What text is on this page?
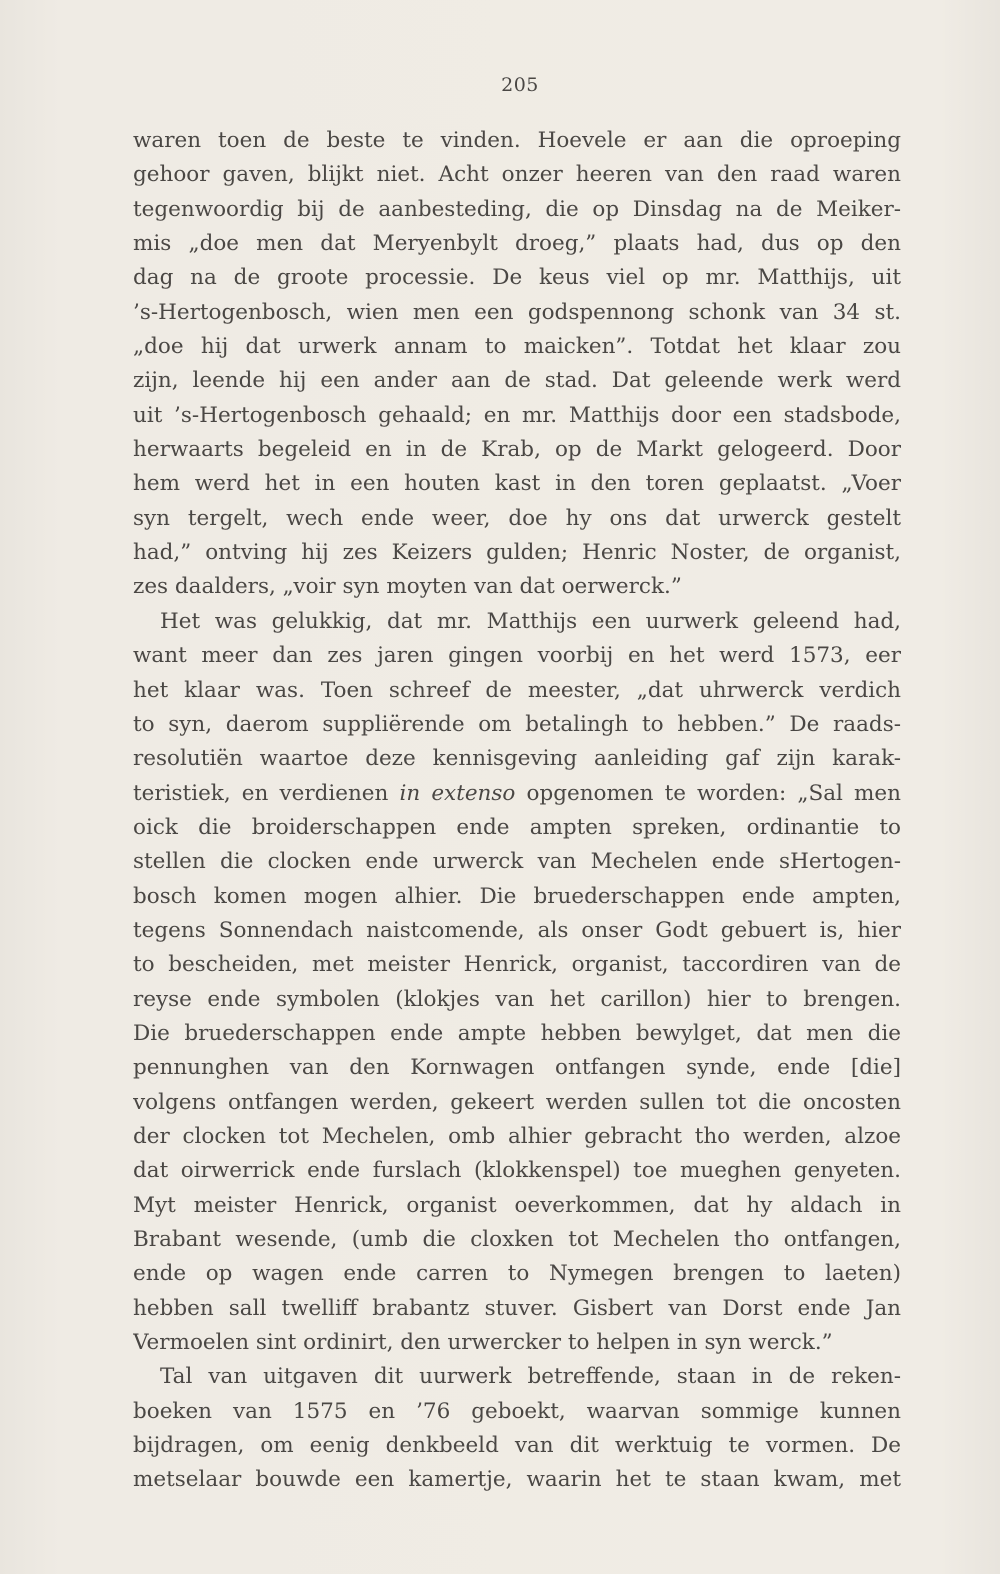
205
waren toen de beste te vinden. Hoevele er aan die oproeping
gehoor gaven, blijkt niet. Acht onzer heeren van den raad waren
tegenwoordig bij de aanbesteding, die op Dinsdag na de Meiker-
mis „doe men dat Meryenbylt droeg,” plaats had, dus op den
dag na de groote processie. De keus viel op mr. Matthijs, uit
’s-Hertogenbosch, wien men een godspennong schonk van 34 st.
„doe hij dat urwerk annam to maicken”. Totdat het klaar zou
zijn, leende hij een ander aan de stad. Dat geleende werk werd
uit ’s-Hertogenbosch gehaald; en mr. Matthijs door een stadsbode,
herwaarts begeleid en in de Krab, op de Markt gelogeerd. Door
hem werd het in een houten kast in den toren geplaatst. „Voer
syn tergelt, wech ende weer, doe hy ons dat urwerck gestelt
had,” ontving hij zes Keizers gulden; Henric Noster, de organist,
zes daalders, „voir syn moyten van dat oerwerck.”
Het was gelukkig, dat mr. Matthijs een uurwerk geleend had,
want meer dan zes jaren gingen voorbij en het werd 1573, eer
het klaar was. Toen schreef de meester, „dat uhrwerck verdich
to syn, daerom suppliërende om betalingh to hebben.” De raads-
resolutiën waartoe deze kennisgeving aanleiding gaf zijn karak-
teristiek, en verdienen in extenso opgenomen te worden: „Sal men
oick die broiderschappen ende ampten spreken, ordinantie to
stellen die clocken ende urwerck van Mechelen ende sHertogen-
bosch komen mogen alhier. Die bruederschappen ende ampten,
tegens Sonnendach naistcomende, als onser Godt gebuert is, hier
to bescheiden, met meister Henrick, organist, taccordiren van de
reyse ende symbolen (klokjes van het carillon) hier to brengen.
Die bruederschappen ende ampte hebben bewylget, dat men die
pennunghen van den Kornwagen ontfangen synde, ende [die]
volgens ontfangen werden, gekeert werden sullen tot die oncosten
der clocken tot Mechelen, omb alhier gebracht tho werden, alzoe
dat oirwerrick ende furslach (klokkenspel) toe mueghen genyeten.
Myt meister Henrick, organist oeverkommen, dat hy aldach in
Brabant wesende, (umb die cloxken tot Mechelen tho ontfangen,
ende op wagen ende carren to Nymegen brengen to laeten)
hebben sall twelliff brabantz stuver. Gisbert van Dorst ende Jan
Vermoelen sint ordinirt, den urwercker to helpen in syn werck.”
Tal van uitgaven dit uurwerk betreffende, staan in de reken-
boeken van 1575 en ’76 geboekt, waarvan sommige kunnen
bijdragen, om eenig denkbeeld van dit werktuig te vormen. De
metselaar bouwde een kamertje, waarin het te staan kwam, met
